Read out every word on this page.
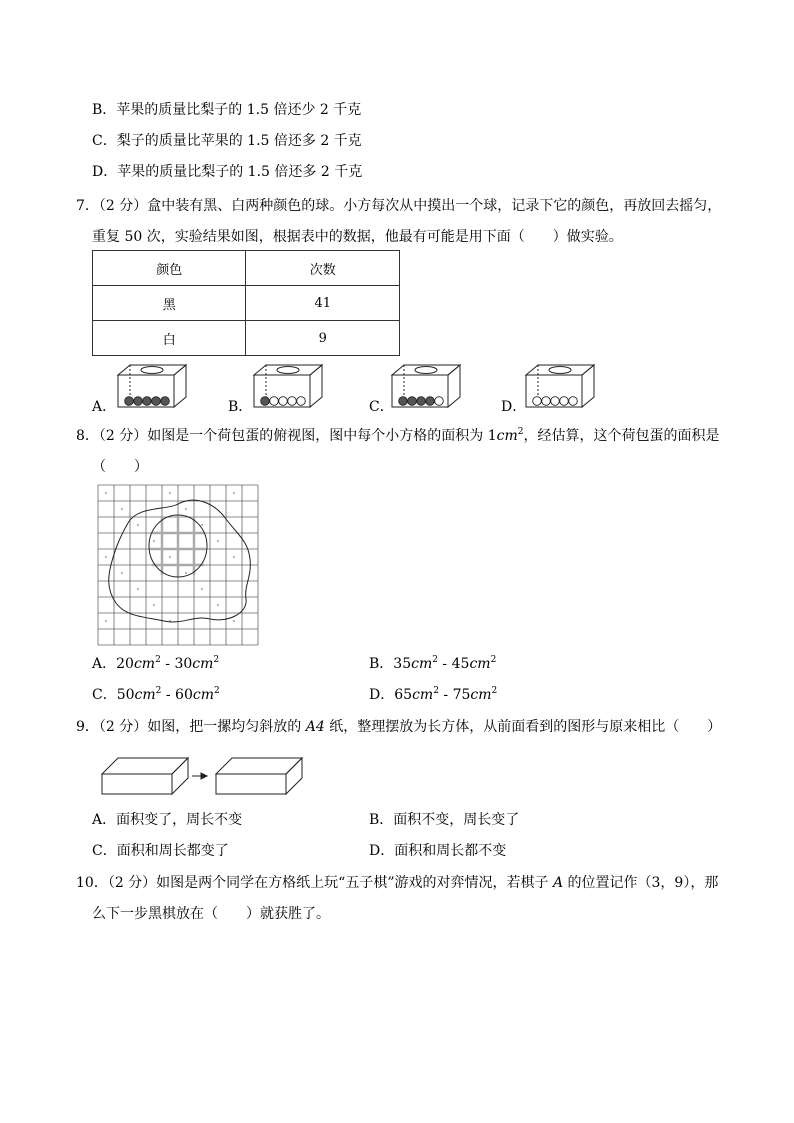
B．苹果的质量比梨子的 1.5 倍还少 2 千克
C．梨子的质量比苹果的 1.5 倍还多 2 千克
D．苹果的质量比梨子的 1.5 倍还多 2 千克
7．（2 分）盒中装有黑、白两种颜色的球。小方每次从中摸出一个球，记录下它的颜色，再放回去摇匀，
重复 50 次，实验结果如图，根据表中的数据，他最有可能是用下面（　　）做实验。
颜色	次数
黑	41
白	9
A．	B．	C．	D．
8．（2 分）如图是一个荷包蛋的俯视图，图中每个小方格的面积为 $1cm^2$，经估算，这个荷包蛋的面积是
（　　）
A．$20cm^2 - 30cm^2$	B．$35cm^2 - 45cm^2$
C．$50cm^2 - 60cm^2$	D．$65cm^2 - 75cm^2$
9．（2 分）如图，把一摞均匀斜放的 A4 纸，整理摆放为长方体，从前面看到的图形与原来相比（　　）
A．面积变了，周长不变	B．面积不变，周长变了
C．面积和周长都变了	D．面积和周长都不变
10．（2 分）如图是两个同学在方格纸上玩“五子棋”游戏的对弈情况，若棋子 A 的位置记作（3，9），那
么下一步黑棋放在（　　）就获胜了。
